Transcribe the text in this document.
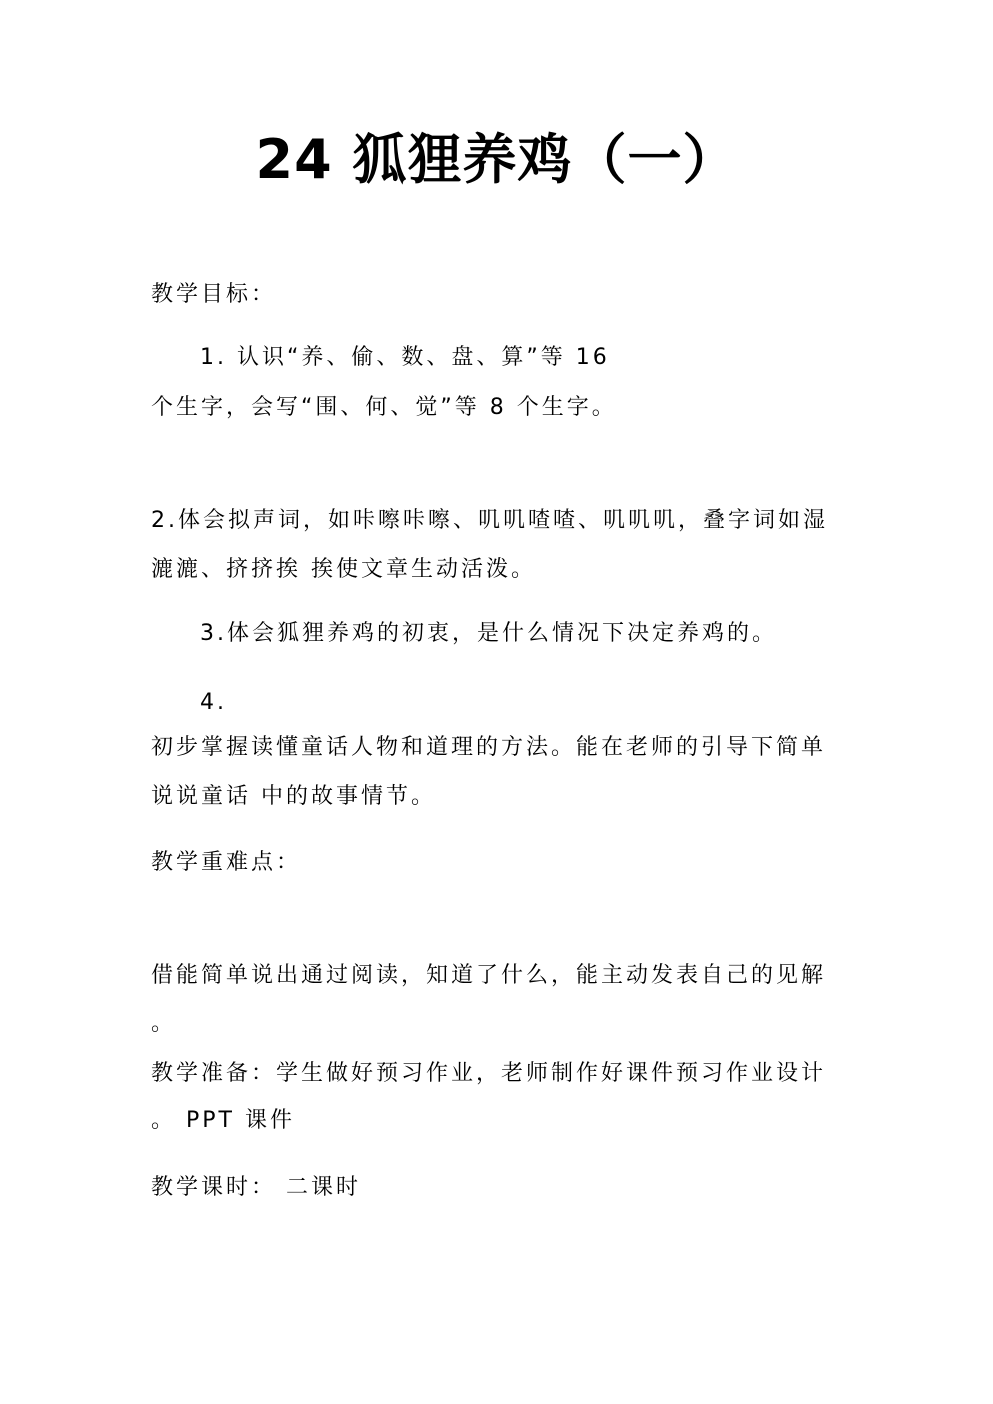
24 狐狸养鸡（一）
教学目标：
1. 认识“养、偷、数、盘、算”等 16
个生字，会写“围、何、觉”等 8 个生字。
2.体会拟声词，如咔嚓咔嚓、叽叽喳喳、叽叽叽，叠字词如湿
漉漉、挤挤挨 挨使文章生动活泼。
3.体会狐狸养鸡的初衷，是什么情况下决定养鸡的。
4.
初步掌握读懂童话人物和道理的方法。能在老师的引导下简单
说说童话 中的故事情节。
教学重难点：
借能简单说出通过阅读，知道了什么，能主动发表自己的见解
。
教学准备：学生做好预习作业，老师制作好课件预习作业设计
。 PPT 课件
教学课时： 二课时
